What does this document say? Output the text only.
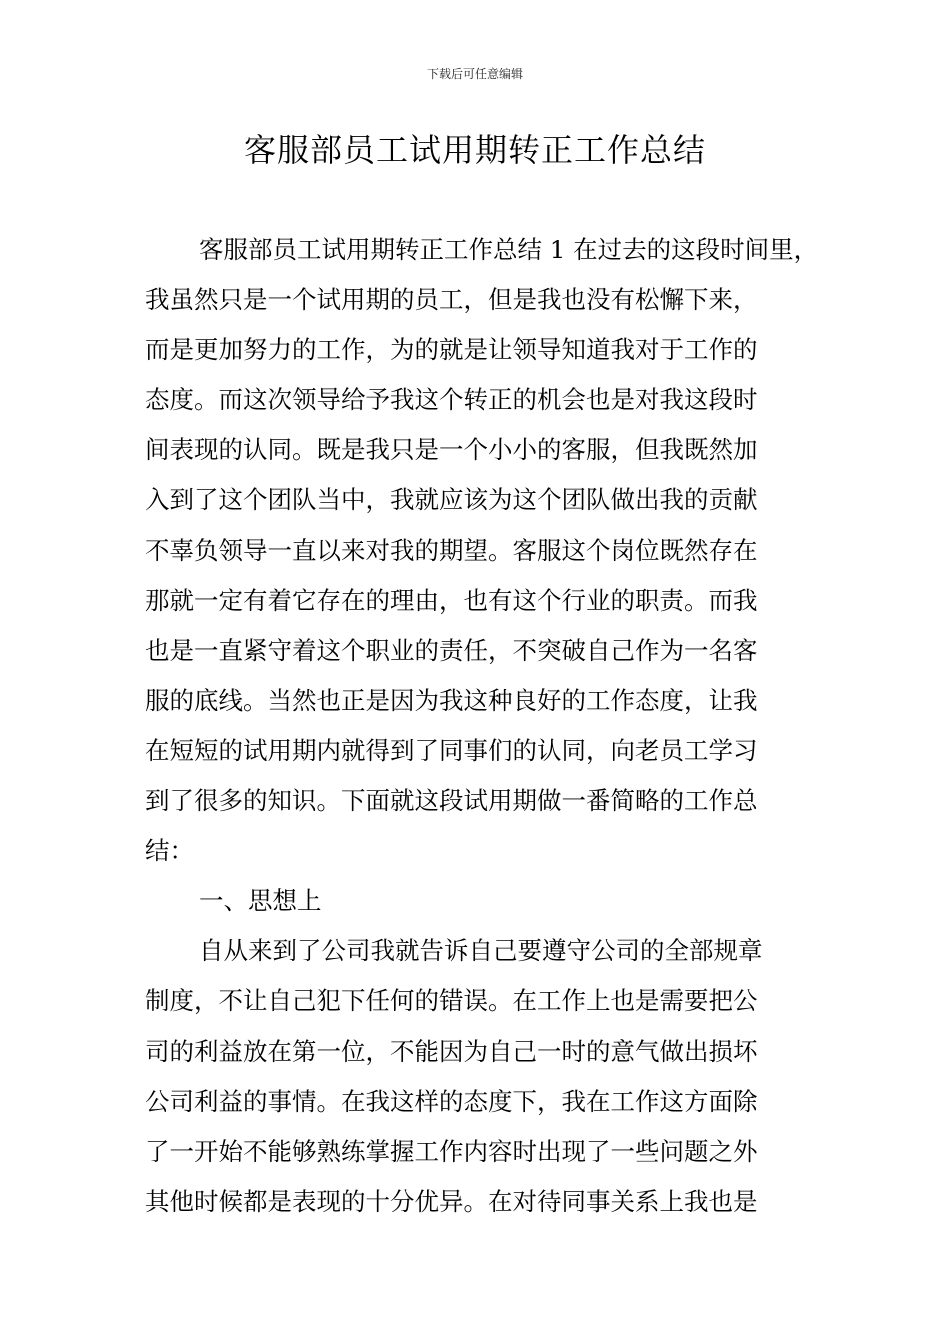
下载后可任意编辑
客服部员工试用期转正工作总结
客服部员工试用期转正工作总结 1 在过去的这段时间里，
我虽然只是一个试用期的员工，但是我也没有松懈下来，
而是更加努力的工作，为的就是让领导知道我对于工作的
态度。而这次领导给予我这个转正的机会也是对我这段时
间表现的认同。既是我只是一个小小的客服，但我既然加
入到了这个团队当中，我就应该为这个团队做出我的贡献
不辜负领导一直以来对我的期望。客服这个岗位既然存在
那就一定有着它存在的理由，也有这个行业的职责。而我
也是一直紧守着这个职业的责任，不突破自己作为一名客
服的底线。当然也正是因为我这种良好的工作态度，让我
在短短的试用期内就得到了同事们的认同，向老员工学习
到了很多的知识。下面就这段试用期做一番简略的工作总
结：
一、思想上
自从来到了公司我就告诉自己要遵守公司的全部规章
制度，不让自己犯下任何的错误。在工作上也是需要把公
司的利益放在第一位，不能因为自己一时的意气做出损坏
公司利益的事情。在我这样的态度下，我在工作这方面除
了一开始不能够熟练掌握工作内容时出现了一些问题之外
其他时候都是表现的十分优异。在对待同事关系上我也是
